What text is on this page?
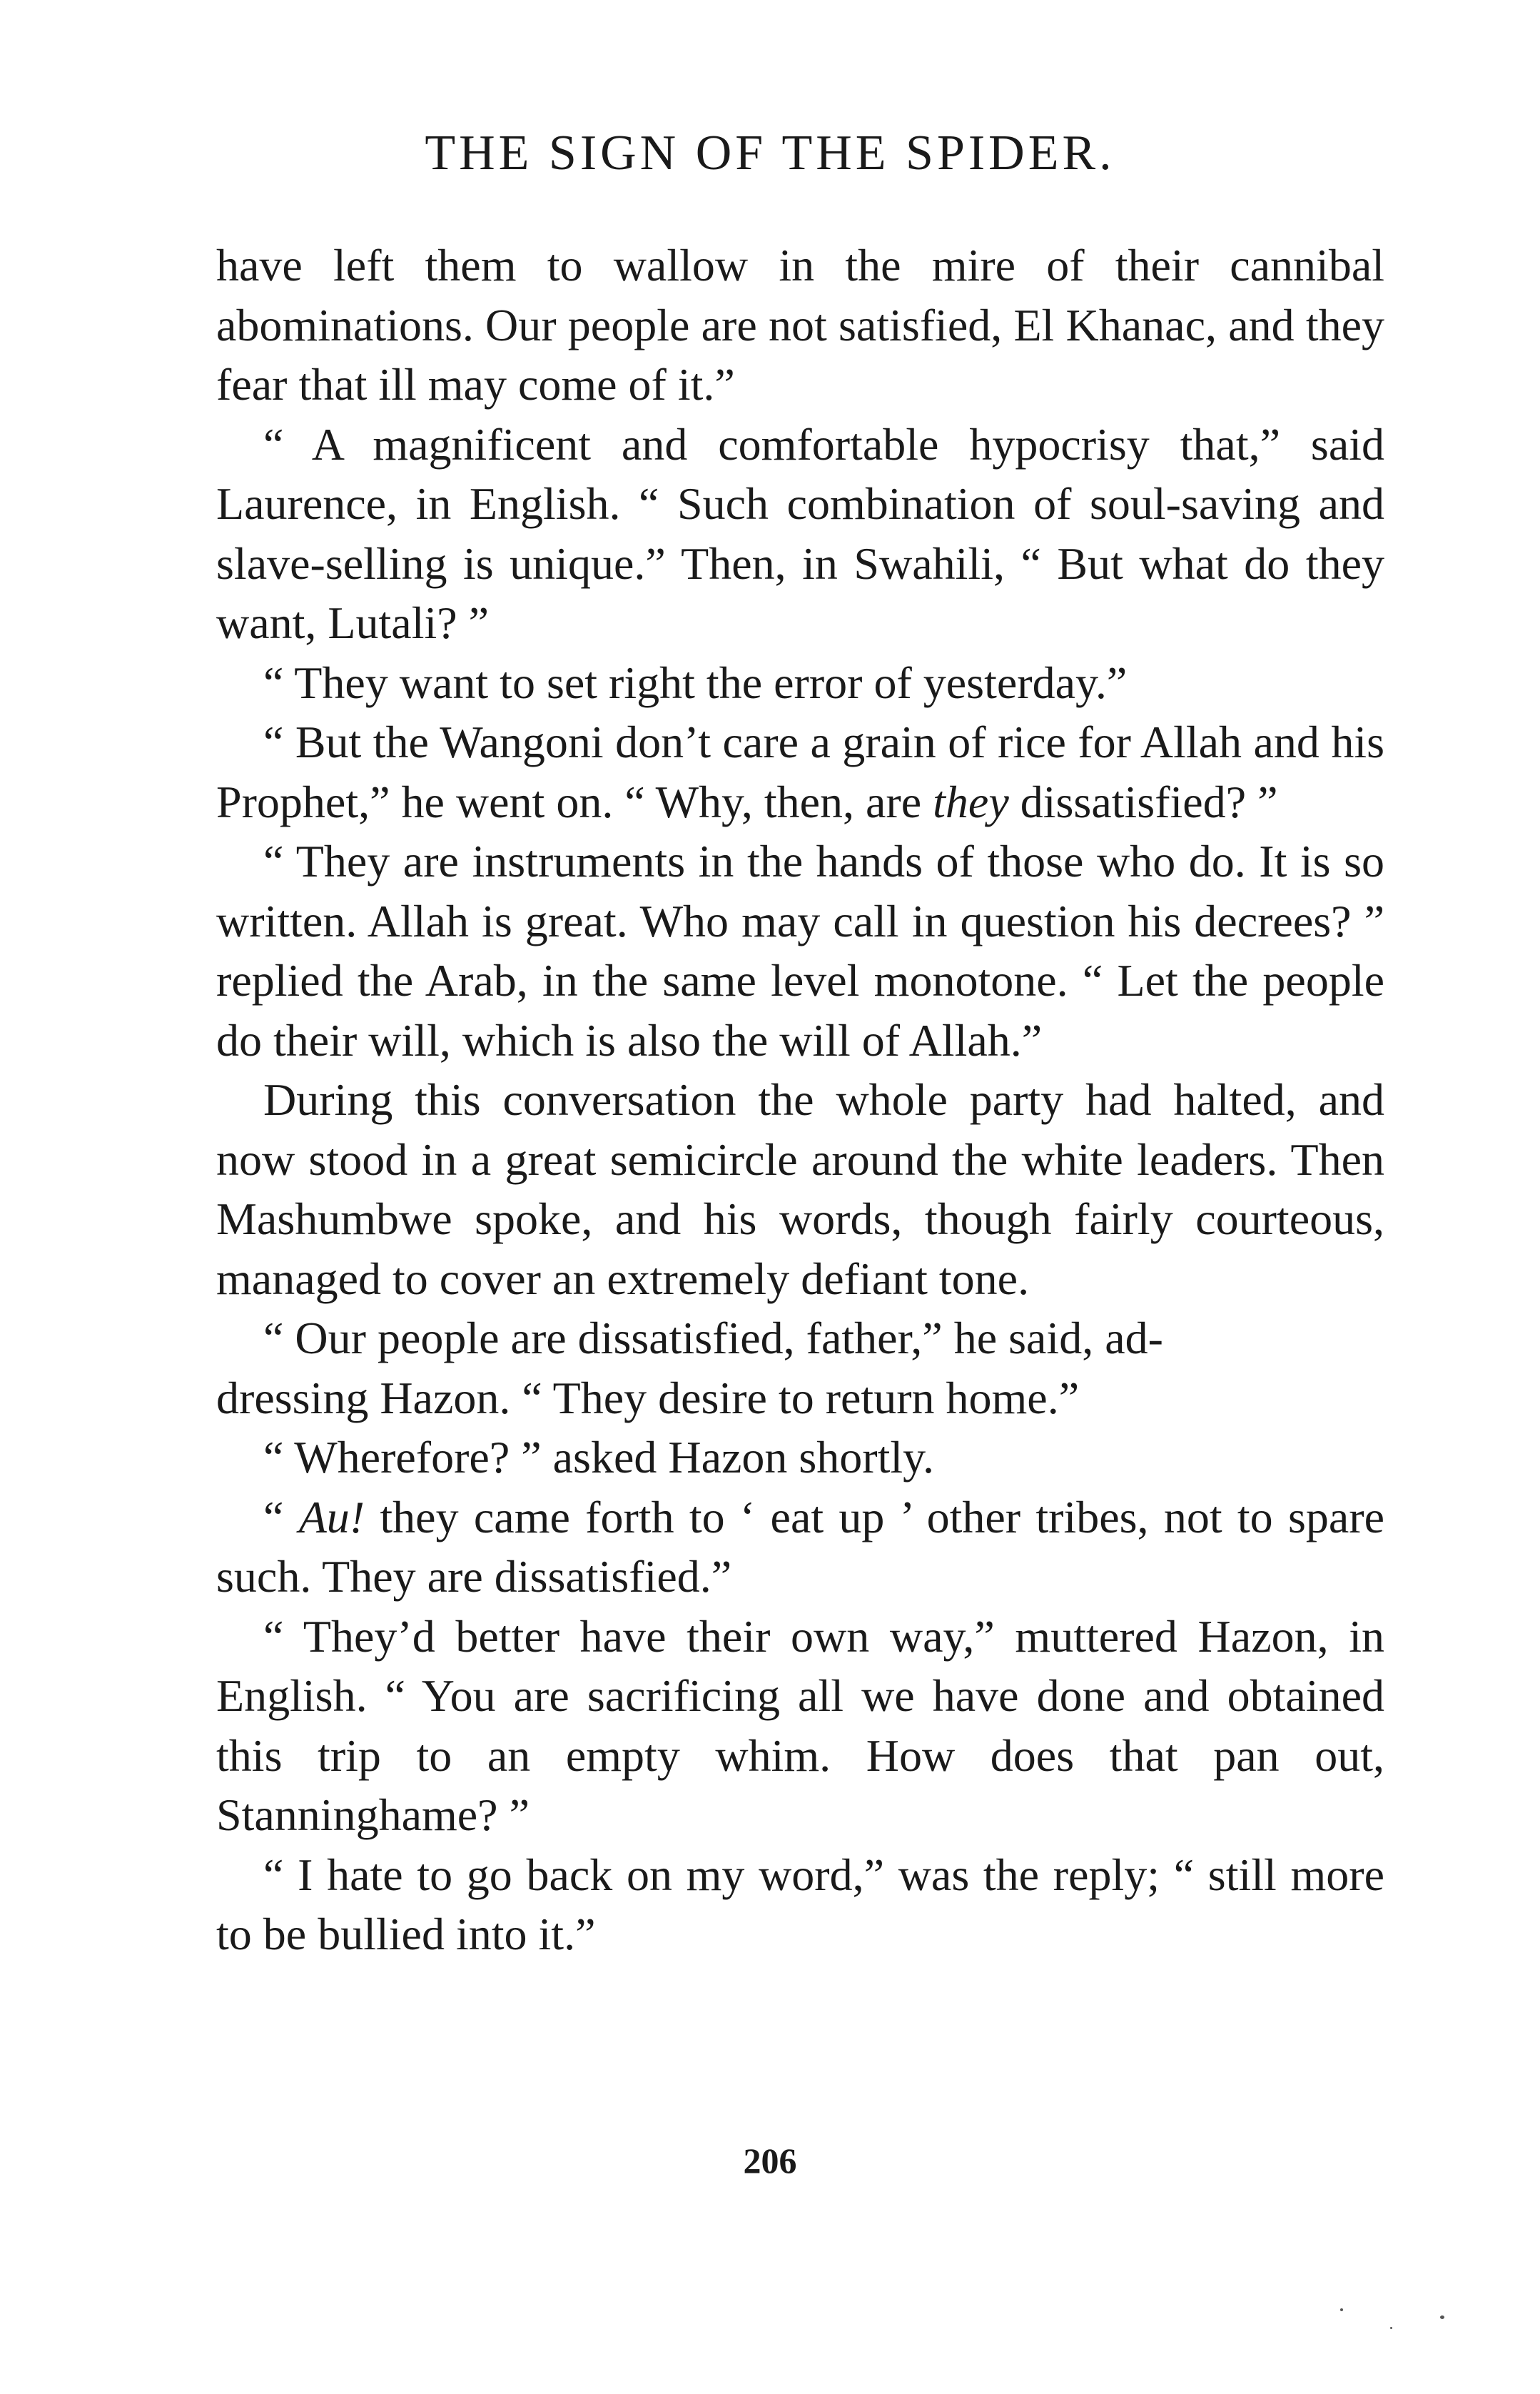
THE SIGN OF THE SPIDER.

have left them to wallow in the mire of their cannibal abominations. Our people are not satisfied, El Khanac, and they fear that ill may come of it.”

“ A magnificent and comfortable hypocrisy that,” said Laurence, in English. “ Such combination of soul-saving and slave-selling is unique.” Then, in Swahili, “ But what do they want, Lutali? ”

“ They want to set right the error of yesterday.”

“ But the Wangoni don’t care a grain of rice for Allah and his Prophet,” he went on. “ Why, then, are they dissatisfied? ”

“ They are instruments in the hands of those who do. It is so written. Allah is great. Who may call in question his decrees? ” replied the Arab, in the same level monotone. “ Let the people do their will, which is also the will of Allah.”

During this conversation the whole party had halted, and now stood in a great semicircle around the white leaders. Then Mashumbwe spoke, and his words, though fairly courteous, managed to cover an extremely defiant tone.

“ Our people are dissatisfied, father,” he said, ad-
dressing Hazon. “ They desire to return home.”

“ Wherefore? ” asked Hazon shortly.

“ Au! they came forth to ‘ eat up ’ other tribes, not to spare such. They are dissatisfied.”

“ They’d better have their own way,” muttered Hazon, in English. “ You are sacrificing all we have done and obtained this trip to an empty whim. How does that pan out, Stanninghame? ”

“ I hate to go back on my word,” was the reply; “ still more to be bullied into it.”

206
